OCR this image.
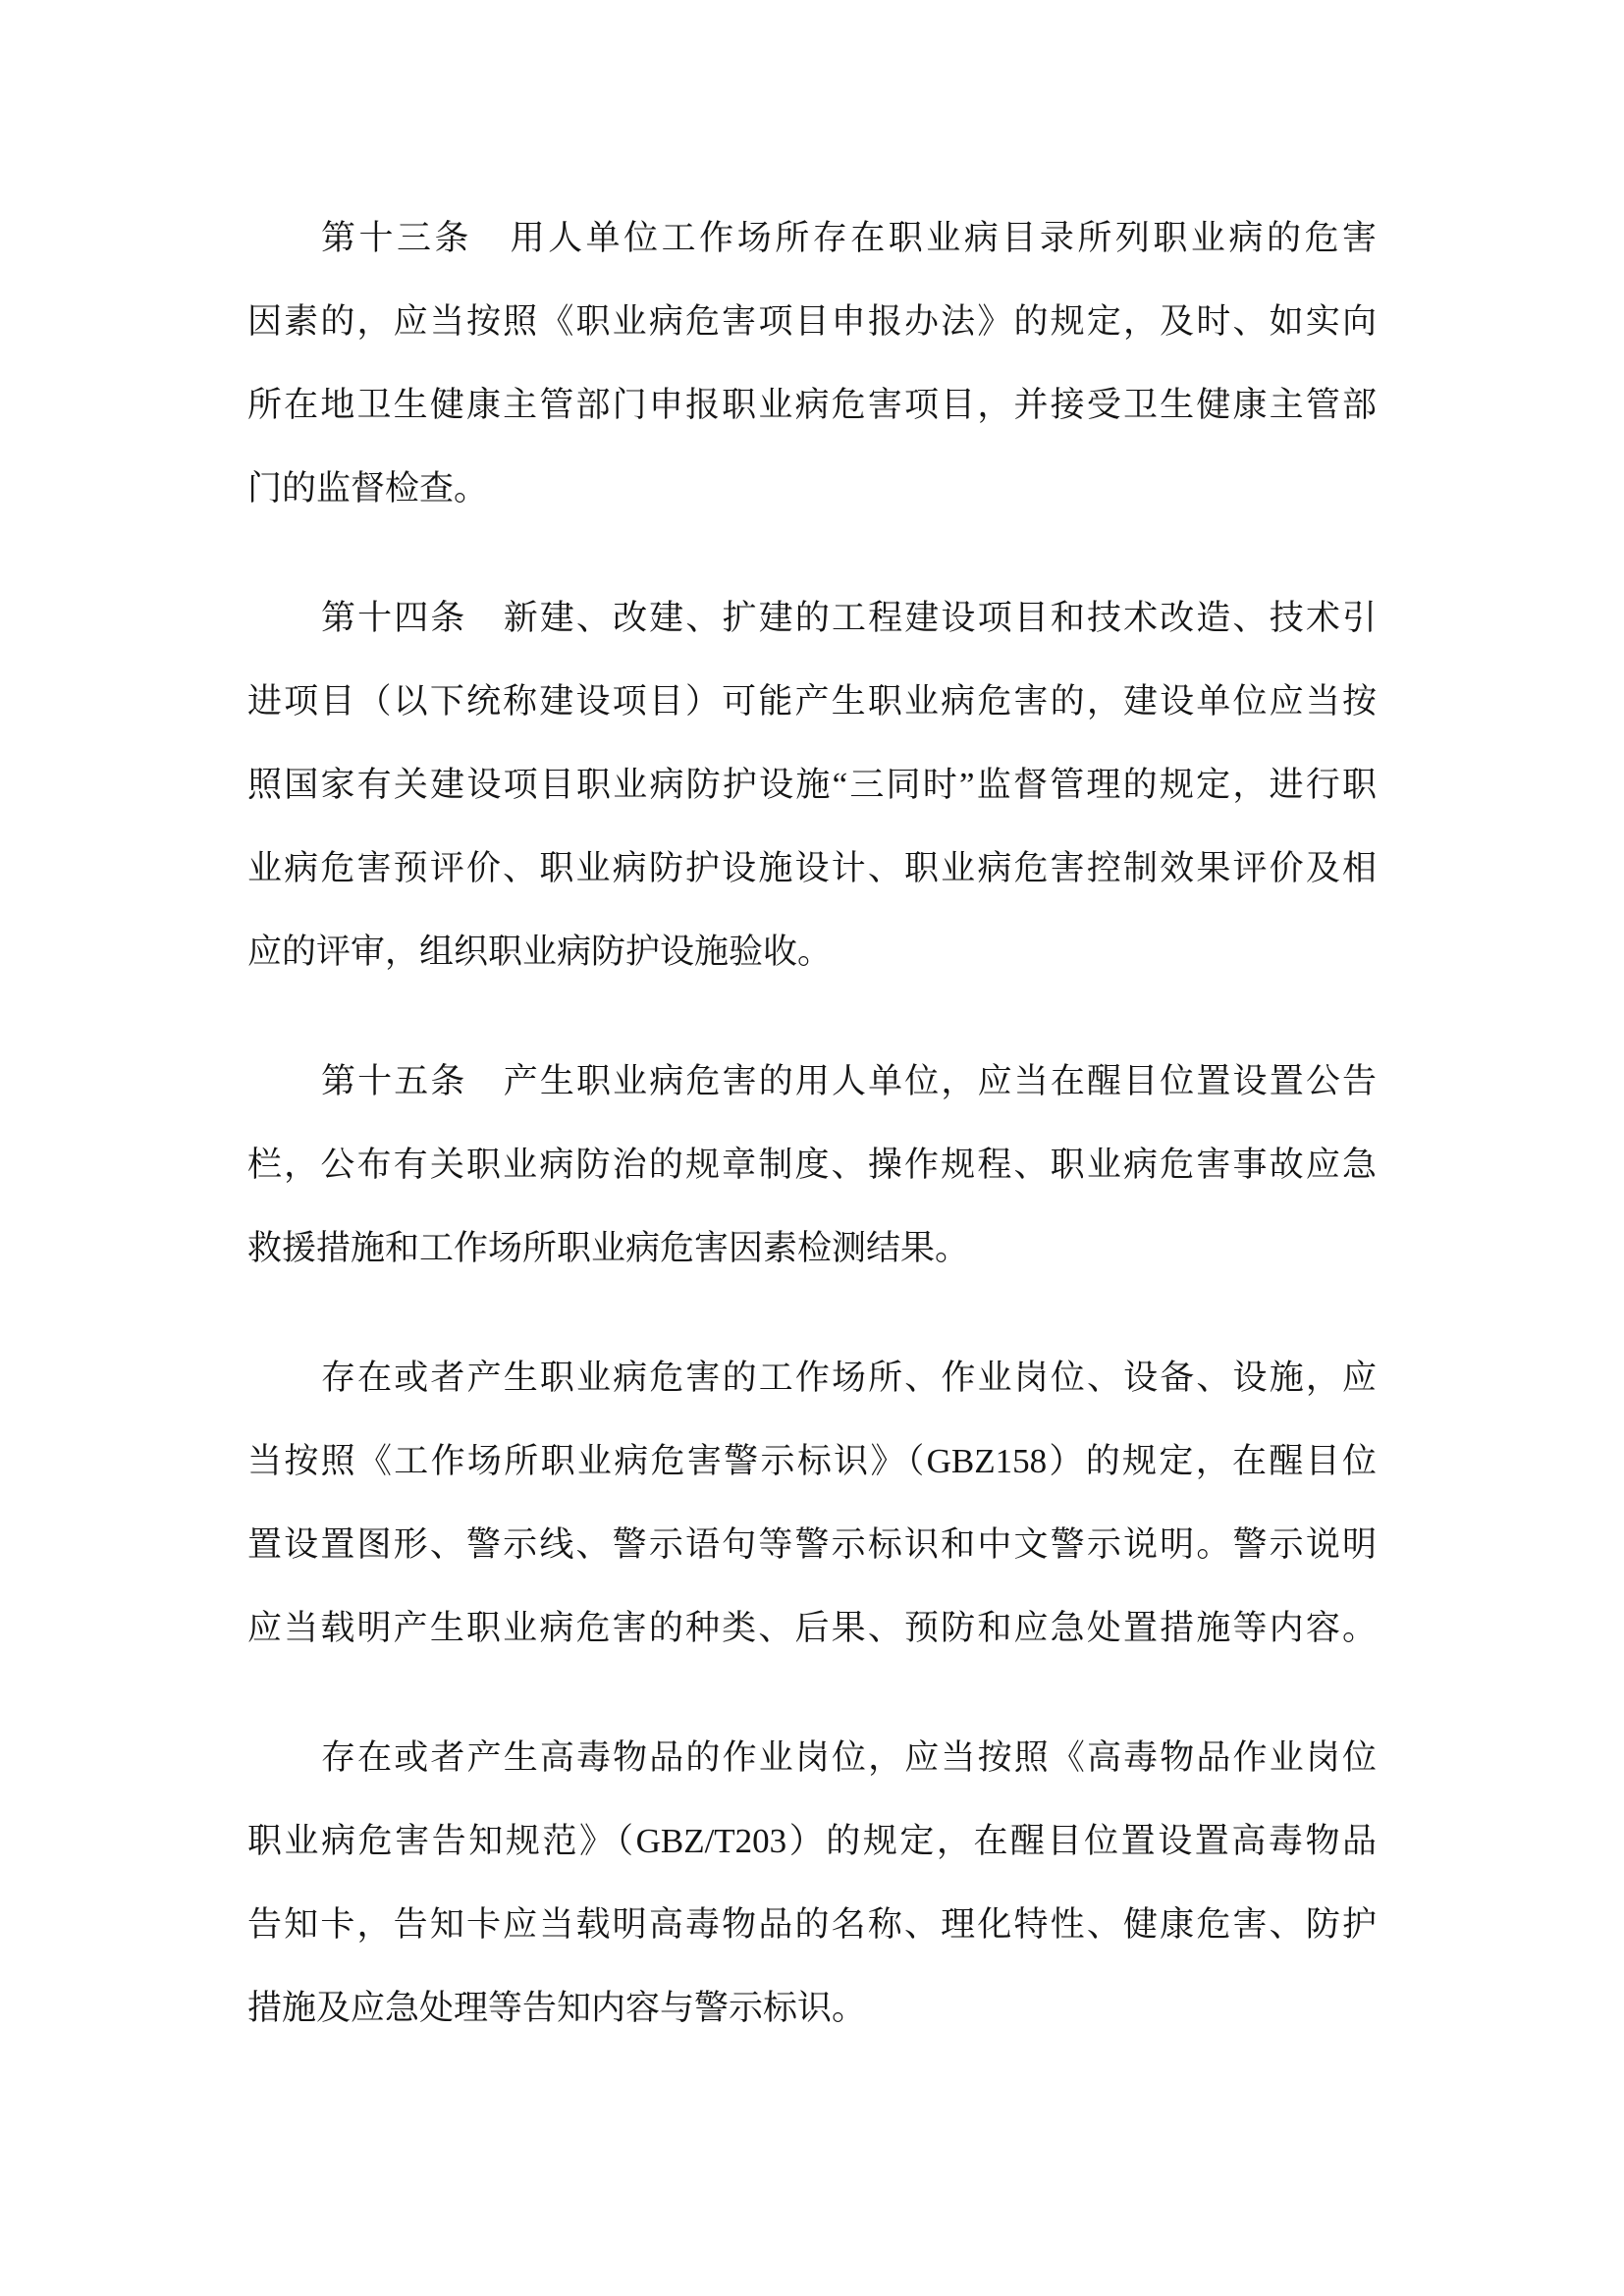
第十三条　用人单位工作场所存在职业病目录所列职业病的危害
因素的，应当按照《职业病危害项目申报办法》的规定，及时、如实向
所在地卫生健康主管部门申报职业病危害项目，并接受卫生健康主管部
门的监督检查。
第十四条　新建、改建、扩建的工程建设项目和技术改造、技术引
进项目（以下统称建设项目）可能产生职业病危害的，建设单位应当按
照国家有关建设项目职业病防护设施“三同时”监督管理的规定，进行职
业病危害预评价、职业病防护设施设计、职业病危害控制效果评价及相
应的评审，组织职业病防护设施验收。
第十五条　产生职业病危害的用人单位，应当在醒目位置设置公告
栏，公布有关职业病防治的规章制度、操作规程、职业病危害事故应急
救援措施和工作场所职业病危害因素检测结果。
存在或者产生职业病危害的工作场所、作业岗位、设备、设施，应
当按照《工作场所职业病危害警示标识》（GBZ158）的规定，在醒目位
置设置图形、警示线、警示语句等警示标识和中文警示说明。警示说明
应当载明产生职业病危害的种类、后果、预防和应急处置措施等内容。
存在或者产生高毒物品的作业岗位，应当按照《高毒物品作业岗位
职业病危害告知规范》（GBZ/T203）的规定，在醒目位置设置高毒物品
告知卡，告知卡应当载明高毒物品的名称、理化特性、健康危害、防护
措施及应急处理等告知内容与警示标识。
